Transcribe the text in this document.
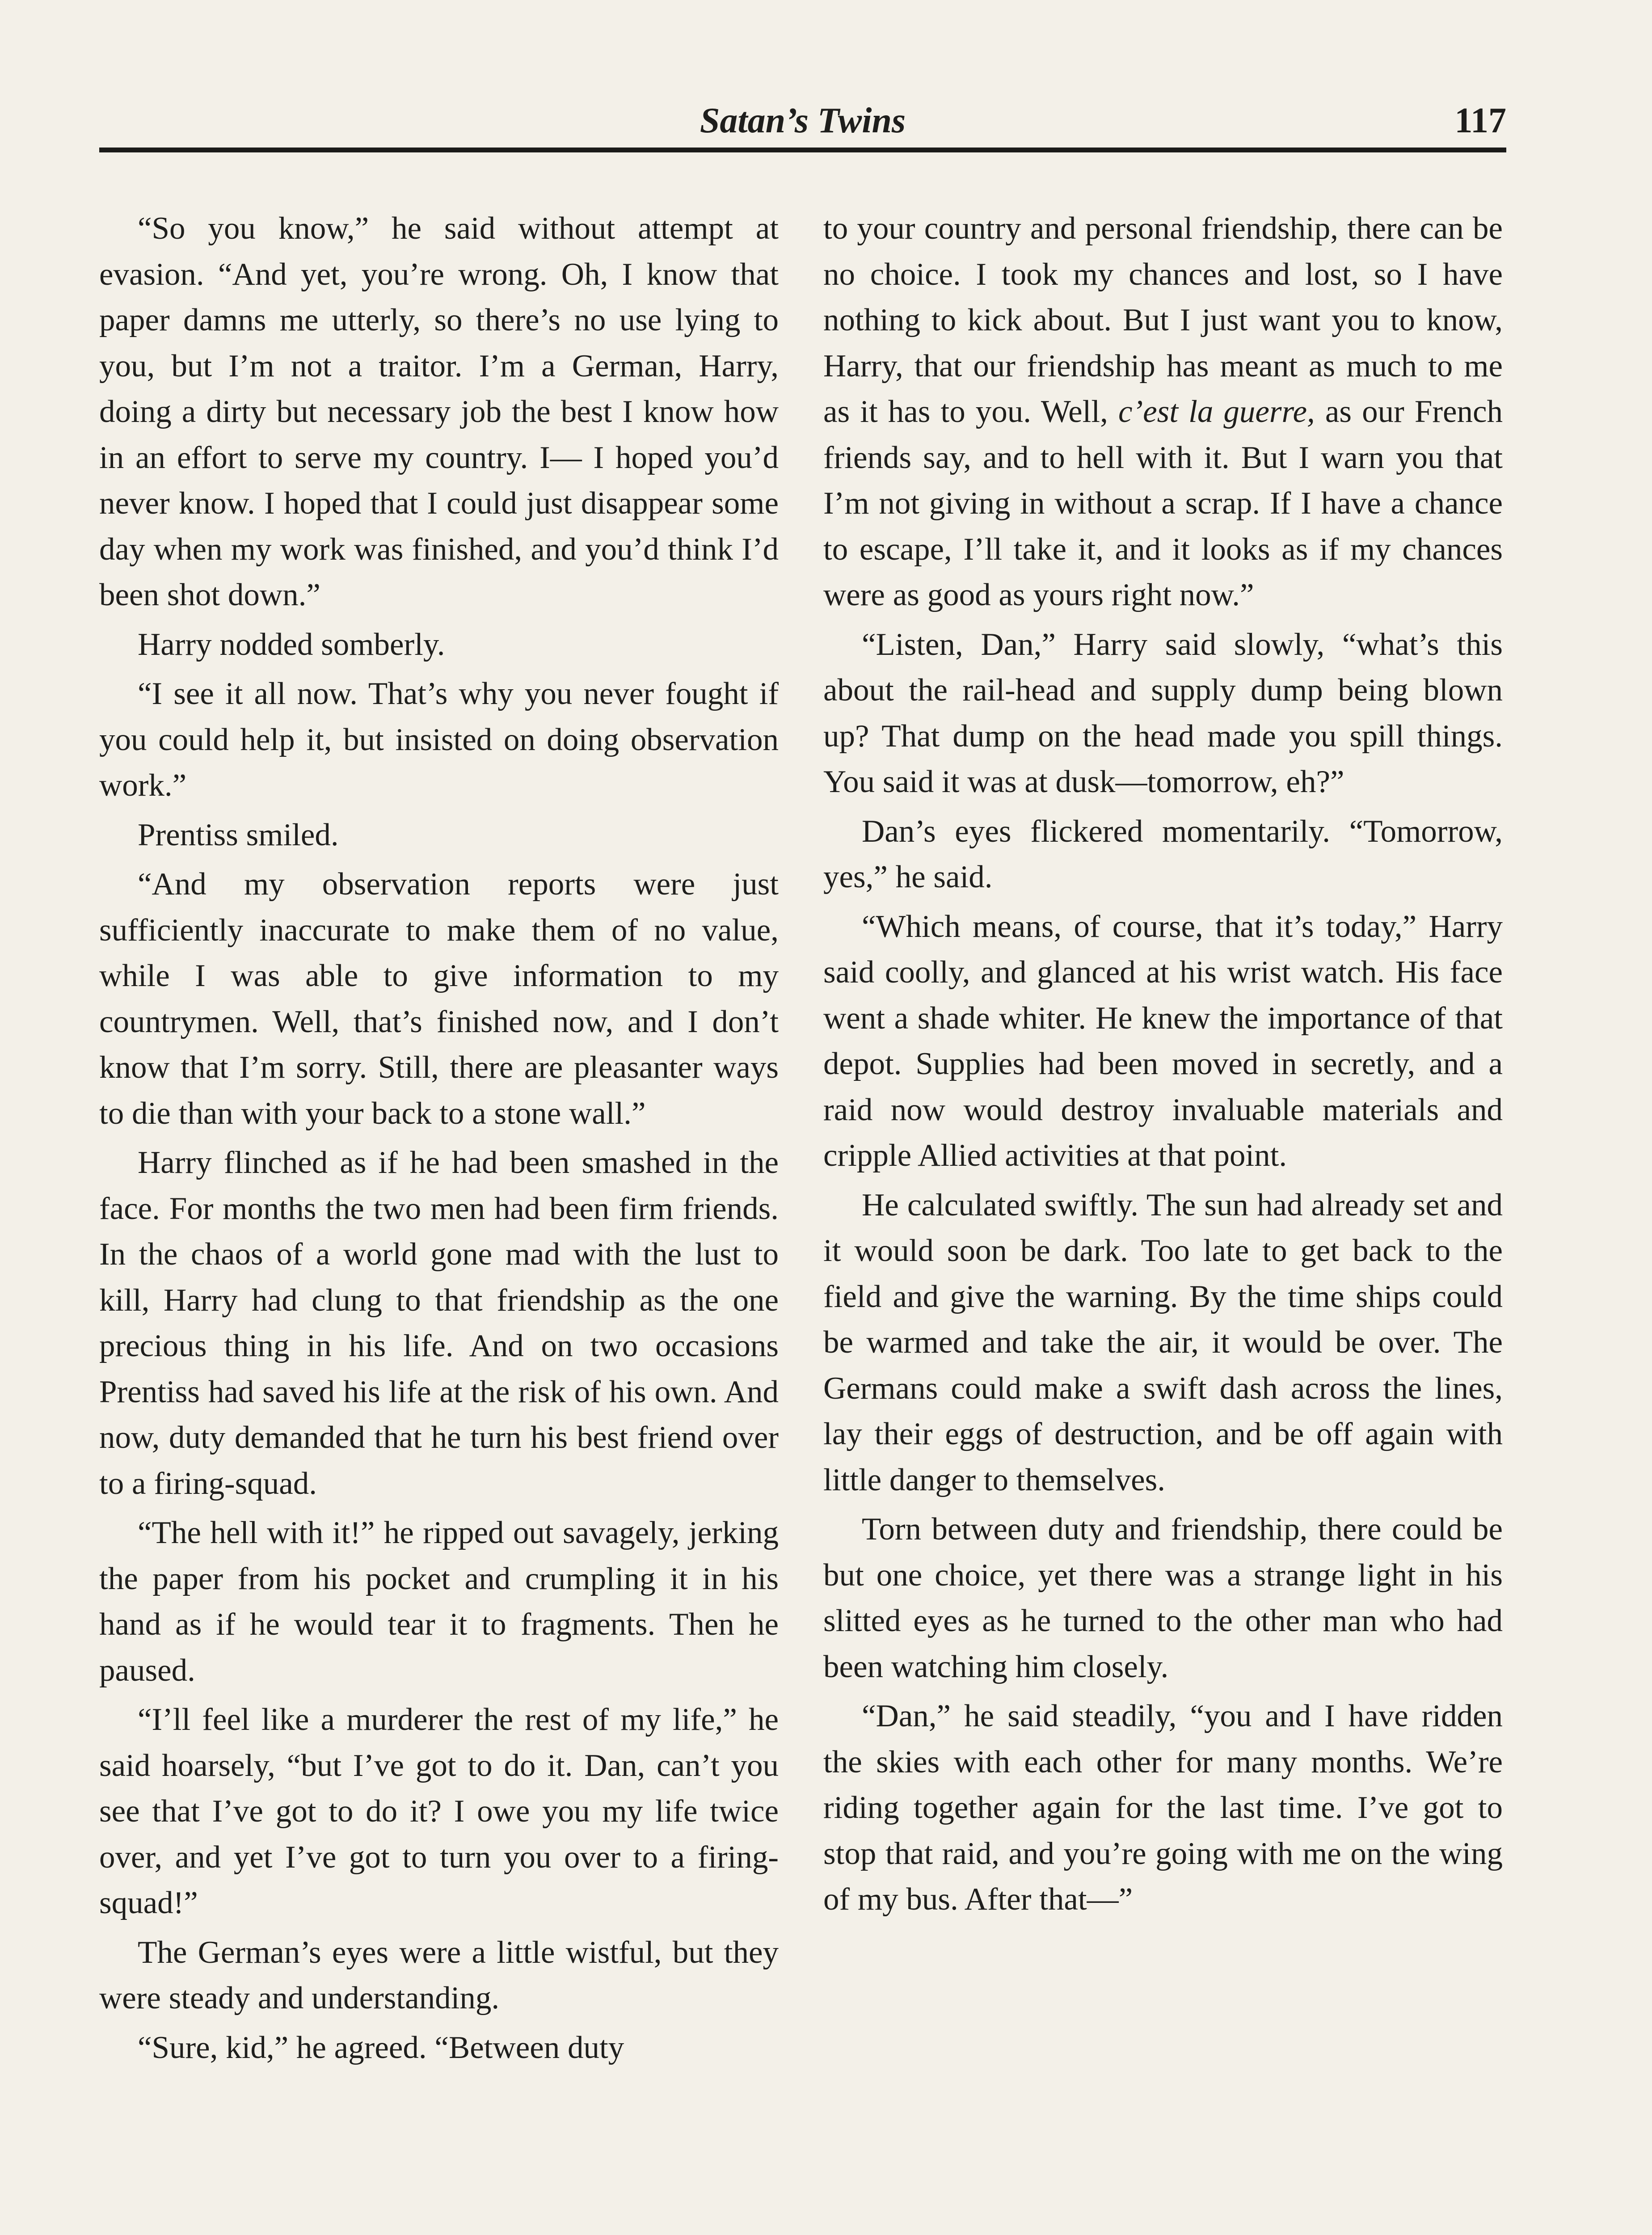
Satan’s Twins	117

“So you know,” he said without attempt at evasion. “And yet, you’re wrong. Oh, I know that paper damns me utterly, so there’s no use lying to you, but I’m not a traitor. I’m a German, Harry, doing a dirty but necessary job the best I know how in an effort to serve my country. I— I hoped you’d never know. I hoped that I could just disappear some day when my work was finished, and you’d think I’d been shot down.”

Harry nodded somberly.

“I see it all now. That’s why you never fought if you could help it, but insisted on doing observation work.”

Prentiss smiled.

“And my observation reports were just sufficiently inaccurate to make them of no value, while I was able to give information to my countrymen. Well, that’s finished now, and I don’t know that I’m sorry. Still, there are pleasanter ways to die than with your back to a stone wall.”

Harry flinched as if he had been smashed in the face. For months the two men had been firm friends. In the chaos of a world gone mad with the lust to kill, Harry had clung to that friendship as the one precious thing in his life. And on two occasions Prentiss had saved his life at the risk of his own. And now, duty demanded that he turn his best friend over to a firing-squad.

“The hell with it!” he ripped out savagely, jerking the paper from his pocket and crumpling it in his hand as if he would tear it to fragments. Then he paused.

“I’ll feel like a murderer the rest of my life,” he said hoarsely, “but I’ve got to do it. Dan, can’t you see that I’ve got to do it? I owe you my life twice over, and yet I’ve got to turn you over to a firing-squad!”

The German’s eyes were a little wistful, but they were steady and understanding.

“Sure, kid,” he agreed. “Between duty

to your country and personal friendship, there can be no choice. I took my chances and lost, so I have nothing to kick about. But I just want you to know, Harry, that our friendship has meant as much to me as it has to you. Well, c’est la guerre, as our French friends say, and to hell with it. But I warn you that I’m not giving in without a scrap. If I have a chance to escape, I’ll take it, and it looks as if my chances were as good as yours right now.”

“Listen, Dan,” Harry said slowly, “what’s this about the rail-head and supply dump being blown up? That dump on the head made you spill things. You said it was at dusk—tomorrow, eh?”

Dan’s eyes flickered momentarily. “Tomorrow, yes,” he said.

“Which means, of course, that it’s today,” Harry said coolly, and glanced at his wrist watch. His face went a shade whiter. He knew the importance of that depot. Supplies had been moved in secretly, and a raid now would destroy invaluable materials and cripple Allied activities at that point.

He calculated swiftly. The sun had already set and it would soon be dark. Too late to get back to the field and give the warning. By the time ships could be warmed and take the air, it would be over. The Germans could make a swift dash across the lines, lay their eggs of destruction, and be off again with little danger to themselves.

Torn between duty and friendship, there could be but one choice, yet there was a strange light in his slitted eyes as he turned to the other man who had been watching him closely.

“Dan,” he said steadily, “you and I have ridden the skies with each other for many months. We’re riding together again for the last time. I’ve got to stop that raid, and you’re going with me on the wing of my bus. After that—”
